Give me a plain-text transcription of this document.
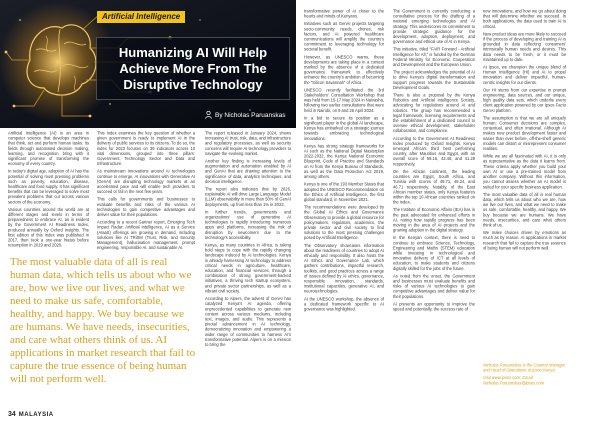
Artificial Intelligence
Humanizing AI Will Help Achieve More From The Disruptive Technology
By Nicholas Paruanskas

Artificial Intelligence (AI) is an area in computer science that develops machines that think, act and perform human tasks. Its fields through automated decision making, learning, and recognition bring with it significant promise of transforming the economy of every country.

In today's digital age, adoption of AI has the potential of solving most pressing problems such as poverty, education, disease, healthcare and food supply. It has significant benefits that can be leveraged to solve most prevalent problems that cut across various sectors of the economy.

Various countries around the world are at different stages and levels in terms of preparedness to embrace AI, as is evident by the Government AI Readiness Index, produced annually by Oxford Insights. The first edition of this index was published in 2017, then took a one-year hiatus before resumption in 2019 and 2020.

This Index examines the key question of whether a given government is ready to implement AI in the delivery of public services to its citizens. To do so, the index for 2023 focuses on 39 indicators across 10 vital dimensions, grouped into three pillars: Government, Technology Sector and Data and Infrastructure.

As mainstream innovations around AI technologies continue to emerge, AI innovations with Generative AI (GenAI) are disrupting technology markets at an accelerated pace and will enable tech providers to succeed or fail in the next few years.

This calls for governments and businesses to evaluate benefits and risks of the various AI technologies to gain competitive advantages and deliver value for their populations.

According to a recent Gartner report, Emerging Tech Impact Radar: Artificial Intelligence, AI as a Service (AIaaS) offerings are growing in demand, including solutions like AI TRiSM (Trust, Risk, and Security Management), hallucination management, prompt engineering, responsible AI, and sustainable AI.

The most valuable data of all is real human data, which tells us about who we are, how we live our lives, and what we need to make us safe, comfortable, healthy, and happy. We buy because we are humans. We have needs, insecurities, and care what others think of us. AI applications in market research that fail to capture the true essence of being human will not perform well.

The report released in January 2024, shows increasing AI trust, risk, data, and infrastructure and regulatory processes, as well as security concerns will require AI technology providers to navigate the evolving market.

Another key finding is increasing levels of augmentation and automation enabled by AI and GenAI that are drawing attention to the significance of data, analytics techniques, and decision intelligence.

The report also indicates that by 2026, explainable AI will drive Large Language Model (LLM) observability in more than 50% of GenAI deployments, up from less than 1% in 2023.

In further trends, governments and organizations' use of generative AI technologies is rapidly introducing numerous apps and platforms, increasing the risk of disruption by newcomers due to the technology's accessibility.

Kenya, as many countries in Africa, is taking bold steps to cope with the rapidly changing landscape induced by AI technologies. Kenya is already harnessing AI technology to address critical needs in agriculture, healthcare, education, and financial services, through a combination of strong government-backed initiatives, a thriving tech startup ecosystem, and private sector partnerships, as well as a vibrant civil society.

According to Alpers, the advent of GenAI has catalyzed Kenya's AI agenda, offering unprecedented capabilities to generate new content across various mediums, including text, images, and audio. This represents a pivotal advancement in AI technology, democratizing innovation and empowering a wider range of communities to harness AI's transformative potential. Alpers is on a mission to bring the

transformative power of AI closer to the hearts and minds of Kenyans.

Initiatives such as GenAI projects targeting socio-community needs, drones, risk factors, and AI powered healthcare communications will amplify the country's commitment to leveraging technology for societal benefit.

However, as UNESCO warns, these developments are taking place in a context marked by the absence of a dedicated governance framework to effectively enhance the country's ambition of becoming the "Silicon Savannah" of Africa.

UNESCO recently facilitated the 3rd Stakeholders' Consultation Workshop that was held from 15-17 May 2024 in Naivasha, following two earlier consultations that were held in Nairobi, on 9 and 26 April 2024.

In a bid to secure its position as a significant player in the global AI landscape, Kenya has embarked on a strategic journey towards embracing technological innovations.

Kenya has strong strategy frameworks for AI such as the National Digital Masterplan 2022-2032, the Kenya National Economic Blueprint, Code of Practice and Standards on AI from the Kenya Bureau of Standards, as well as the Data Protection Act 2019, among others.

Kenya is one of the 193 Member States that adopted the UNESCO Recommendation on the Ethics of Artificial Intelligence, the first global standard, in November 2021.

The recommendations were developed by the Global AI Ethics and Governance Observatory to provide a global resource for policymakers, regulators, academics, the private sector and civil society to find solutions to the most pressing challenges posed by Artificial Intelligence.

The Observatory showcases information about the readiness of countries to adopt AI ethically and responsibly. It also hosts the AI Ethics and Governance Lab, which gathers contributions, impactful research, toolkits, and good practices across a range of issues defined by AI ethics, governance, responsible innovation, standards, institutional capacities, generative AI, and neurotechnologies.

At the UNESCO workshop, the absence of a dedicated framework specific to AI governance was highlighted.

The Government is currently conducting a consultative process for the drafting of a national emerging technologies and AI strategy. This underscores its commitment to provide strategic guidance for the development, adoption, deployment, and governance and ethical use of AI in Kenya.

This initiative, titled "FAIR Forward - Artificial Intelligence for All," is funded by the German Federal Ministry for Economic Cooperation and Development and the European Union.

The project acknowledges the potential of AI to drive Kenya's digital transformation and support progress towards the Sustainable Development Goals.

There is also a proposal by the Kenya Robotics and Artificial Intelligence Society, advocating for regulations around AI and robotics. The group has recommended a legal framework, licensing requirements and the establishment of a dedicated council to oversee ethical development, stakeholder collaboration, and compliance.

According to the Government AI Readiness Index produced by Oxford Insights, Kenya emerged Africa's third best performing country, after Mauritius and Egypt, with an overall score of 59.16, 42.46, and 41.29 respectively.

On the African continent, the leading countries are Egypt, South Africa, and Tunisia with scores of 49.71, 48.24, and 46.71 respectively. Notably, of the East African member states, only Kenya features within the top 10 African countries ranked on the index.

The Institute of Economic Affairs (IEA) has in the past advocated for enhanced efforts in AI, noting how rapidly progress has been moving in the area of AI projects and the growing adoption in the digital strategy.

In the Kenyan context, there is need to continue to embrace Science, Technology, Engineering and Maths (STEM) education while investing in technological and innovative delivery of ICT at all levels of education, to make students and citizens digitally skilled for the jobs of the future.

As noted from the onset, the Government and businesses must evaluate benefits and risks of various AI technologies to gain competitive advantages and deliver value for their populations.

AI presents an opportunity to improve the speed and potentially, the success rate of

new innovations, and how we go about doing that will determine whether we succeed. In both applications, the data used to train AI is critical.

New product ideas are more likely to succeed if the process of developing and training AI is grounded in data reflecting consumers' intrinsically human needs and desires. This data needs to be fresh, or it must be maintained up to date.

At Ipsos, we champion the unique blend of Human Intelligence (HI) and AI to propel innovation and deliver impactful, human-centric insights for our clients.

Our HI stems from our expertise in prompt engineering, data sources, and our unique, high quality data sets, which underlie every client application powered by our Ipsos Facto GenAI platform.

The assumption is that we are all uniquely human. Consumer decisions are complex, contextual, and often irrational. Although AI makes new product development faster and easier than ever before, off-the-shelf generic models can distort or misrepresent consumer realities.

While we are all fascinated with AI, it is only as representative as the data it learns from. These criteria apply whether you build your own AI or use a pre-trained model from another company. Without this information, you cannot assess whether an AI model is suited for your specific business application.

The most valuable data of all is real human data, which tells us about who we are, how we live our lives, and what we need to make us safe, comfortable, healthy, and happy. We buy because we are humans. We have needs, insecurities, and care what others think of us.

We make choices driven by emotions as much as by reason. AI applications in market research that fail to capture the true essence of being human will not perform well.

Nicholas Paruanskas is the Country Manager and Head of Operations at Ipsos Kenya.

Visit www.ipsos.com; Email: Nicholas.Paruanskas@ipsos.com

34 MALAYSIA
